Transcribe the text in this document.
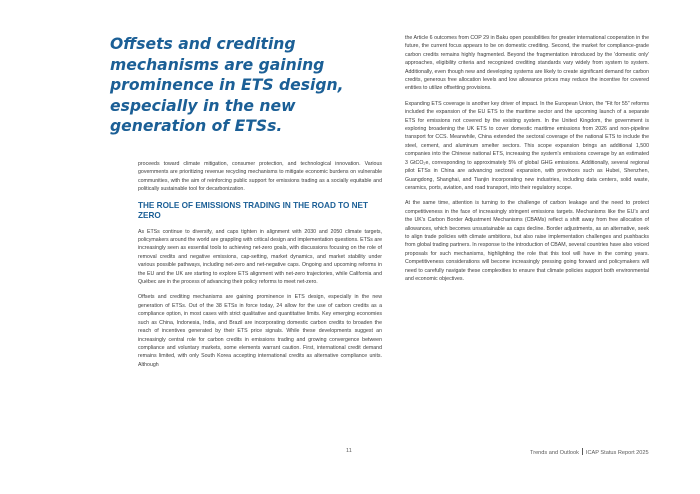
Offsets and crediting mechanisms are gaining prominence in ETS design, especially in the new generation of ETSs.

proceeds toward climate mitigation, consumer protection, and technological innovation. Various governments are prioritizing revenue recycling mechanisms to mitigate economic burdens on vulnerable communities, with the aim of reinforcing public support for emissions trading as a socially equitable and politically sustainable tool for decarbonization.

THE ROLE OF EMISSIONS TRADING IN THE ROAD TO NET ZERO

As ETSs continue to diversify, and caps tighten in alignment with 2030 and 2050 climate targets, policymakers around the world are grappling with critical design and implementation questions. ETSs are increasingly seen as essential tools to achieving net-zero goals, with discussions focusing on the role of removal credits and negative emissions, cap-setting, market dynamics, and market stability under various possible pathways, including net-zero and net-negative caps. Ongoing and upcoming reforms in the EU and the UK are starting to explore ETS alignment with net-zero trajectories, while California and Québec are in the process of advancing their policy reforms to meet net-zero.

Offsets and crediting mechanisms are gaining prominence in ETS design, especially in the new generation of ETSs. Out of the 38 ETSs in force today, 24 allow for the use of carbon credits as a compliance option, in most cases with strict qualitative and quantitative limits. Key emerging economies such as China, Indonesia, India, and Brazil are incorporating domestic carbon credits to broaden the reach of incentives generated by their ETS price signals. While these developments suggest an increasingly central role for carbon credits in emissions trading and growing convergence between compliance and voluntary markets, some elements warrant caution. First, international credit demand remains limited, with only South Korea accepting international credits as alternative compliance units. Although

the Article 6 outcomes from COP 29 in Baku open possibilities for greater international cooperation in the future, the current focus appears to be on domestic crediting. Second, the market for compliance-grade carbon credits remains highly fragmented. Beyond the fragmentation introduced by the 'domestic only' approaches, eligibility criteria and recognized crediting standards vary widely from system to system. Additionally, even though new and developing systems are likely to create significant demand for carbon credits, generous free allocation levels and low allowance prices may reduce the incentive for covered entities to utilize offsetting provisions.

Expanding ETS coverage is another key driver of impact. In the European Union, the "Fit for 55" reforms included the expansion of the EU ETS to the maritime sector and the upcoming launch of a separate ETS for emissions not covered by the existing system. In the United Kingdom, the government is exploring broadening the UK ETS to cover domestic maritime emissions from 2026 and non-pipeline transport for CCS. Meanwhile, China extended the sectoral coverage of the national ETS to include the steel, cement, and aluminum smelter sectors. This scope expansion brings an additional 1,500 companies into the Chinese national ETS, increasing the system's emissions coverage by an estimated 3 GtCO₂e, corresponding to approximately 5% of global GHG emissions. Additionally, several regional pilot ETSs in China are advancing sectoral expansion, with provinces such as Hubei, Shenzhen, Guangdong, Shanghai, and Tianjin incorporating new industries, including data centers, solid waste, ceramics, ports, aviation, and road transport, into their regulatory scope.

At the same time, attention is turning to the challenge of carbon leakage and the need to protect competitiveness in the face of increasingly stringent emissions targets. Mechanisms like the EU's and the UK's Carbon Border Adjustment Mechanisms (CBAMs) reflect a shift away from free allocation of allowances, which becomes unsustainable as caps decline. Border adjustments, as an alternative, seek to align trade policies with climate ambitions, but also raise implementation challenges and pushbacks from global trading partners. In response to the introduction of CBAM, several countries have also voiced proposals for such mechanisms, highlighting the role that this tool will have in the coming years. Competitiveness considerations will become increasingly pressing going forward and policymakers will need to carefully navigate these complexities to ensure that climate policies support both environmental and economic objectives.

11	Trends and Outlook ICAP Status Report 2025
